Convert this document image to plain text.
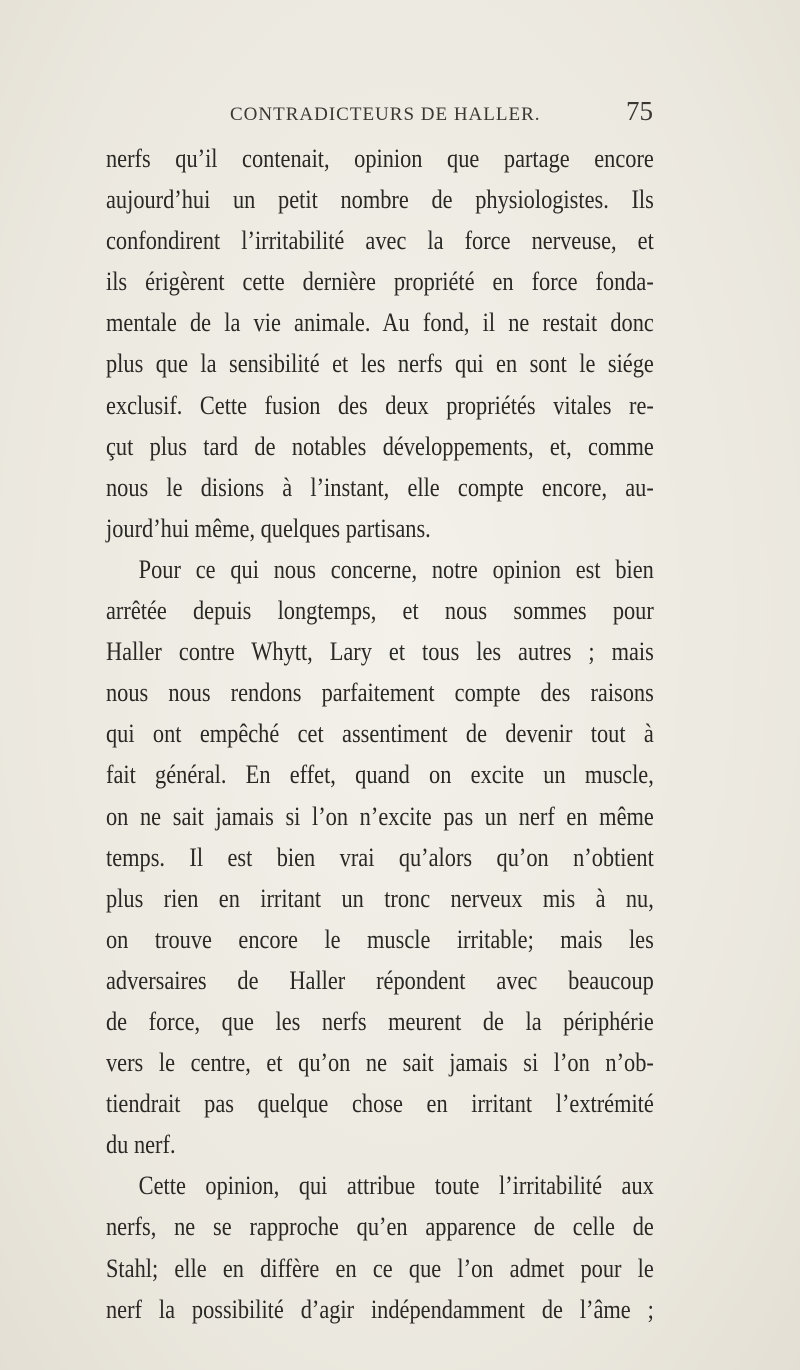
CONTRADICTEURS DE HALLER.	75
nerfs qu’il contenait, opinion que partage encore
aujourd’hui un petit nombre de physiologistes. Ils
confondirent l’irritabilité avec la force nerveuse, et
ils érigèrent cette dernière propriété en force fonda-
mentale de la vie animale. Au fond, il ne restait donc
plus que la sensibilité et les nerfs qui en sont le siége
exclusif. Cette fusion des deux propriétés vitales re-
çut plus tard de notables développements, et, comme
nous le disions à l’instant, elle compte encore, au-
jourd’hui même, quelques partisans.
Pour ce qui nous concerne, notre opinion est bien
arrêtée depuis longtemps, et nous sommes pour
Haller contre Whytt, Lary et tous les autres ; mais
nous nous rendons parfaitement compte des raisons
qui ont empêché cet assentiment de devenir tout à
fait général. En effet, quand on excite un muscle,
on ne sait jamais si l’on n’excite pas un nerf en même
temps. Il est bien vrai qu’alors qu’on n’obtient
plus rien en irritant un tronc nerveux mis à nu,
on trouve encore le muscle irritable; mais les
adversaires de Haller répondent avec beaucoup
de force, que les nerfs meurent de la périphérie
vers le centre, et qu’on ne sait jamais si l’on n’ob-
tiendrait pas quelque chose en irritant l’extrémité
du nerf.
Cette opinion, qui attribue toute l’irritabilité aux
nerfs, ne se rapproche qu’en apparence de celle de
Stahl; elle en diffère en ce que l’on admet pour le
nerf la possibilité d’agir indépendamment de l’âme ;
